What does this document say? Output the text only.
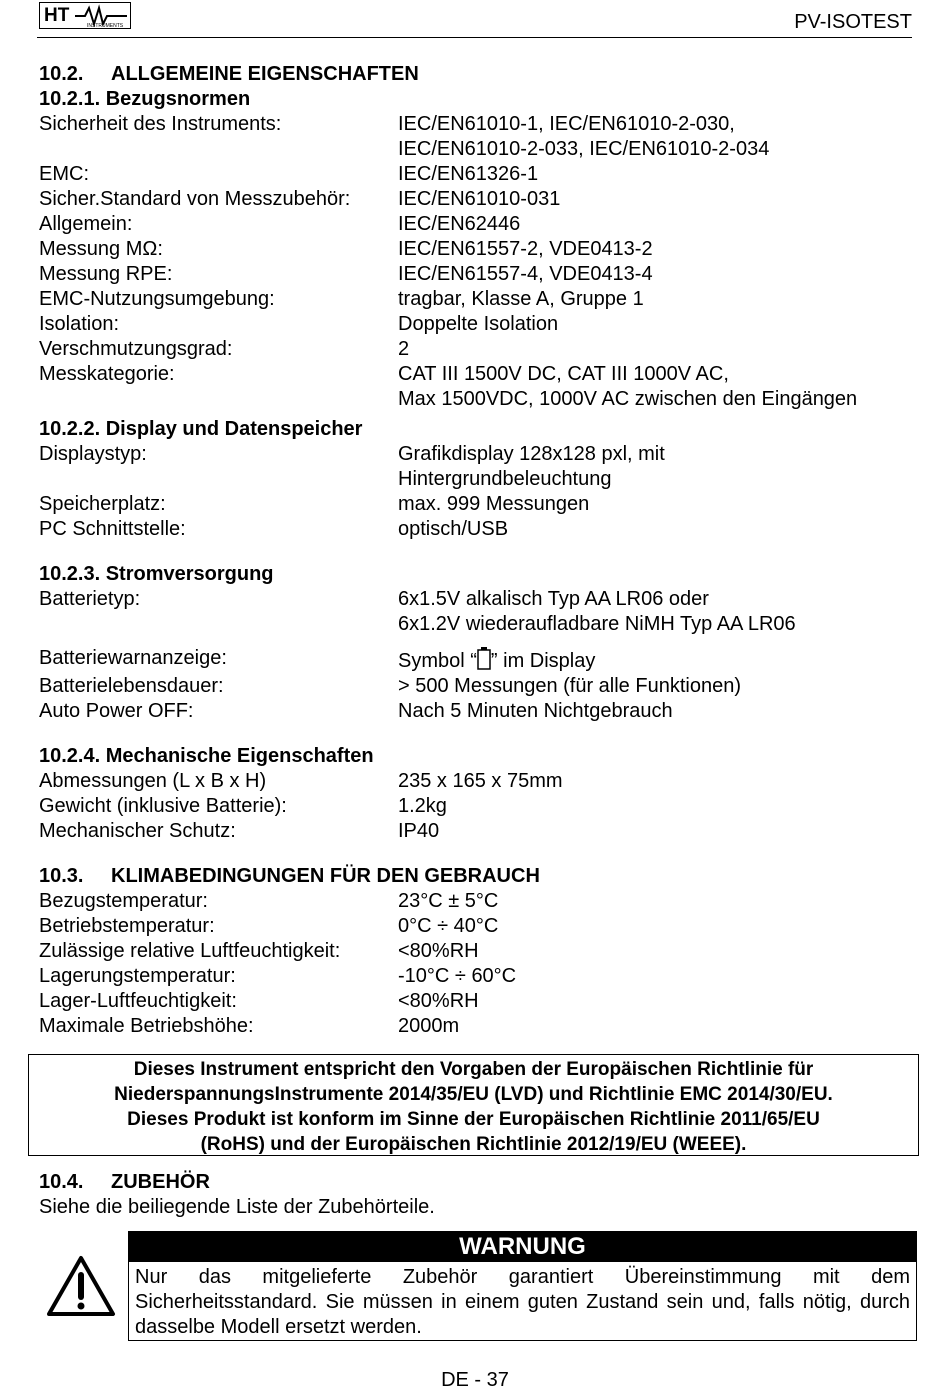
HT	INSTRUMENTS	PV-ISOTEST
10.2.	ALLGEMEINE EIGENSCHAFTEN
10.2.1. Bezugsnormen
Sicherheit des Instruments:	IEC/EN61010-1, IEC/EN61010-2-030,
IEC/EN61010-2-033, IEC/EN61010-2-034
EMC:	IEC/EN61326-1
Sicher.Standard von Messzubehör:	IEC/EN61010-031
Allgemein:	IEC/EN62446
Messung MΩ:	IEC/EN61557-2, VDE0413-2
Messung RPE:	IEC/EN61557-4, VDE0413-4
EMC-Nutzungsumgebung:	tragbar, Klasse A, Gruppe 1
Isolation:	Doppelte Isolation
Verschmutzungsgrad:	2
Messkategorie:	CAT III 1500V DC, CAT III 1000V AC,
Max 1500VDC, 1000V AC zwischen den Eingängen
10.2.2. Display und Datenspeicher
Displaystyp:	Grafikdisplay 128x128 pxl, mit
Hintergrundbeleuchtung
Speicherplatz:	max. 999 Messungen
PC Schnittstelle:	optisch/USB
10.2.3. Stromversorgung
Batterietyp:	6x1.5V alkalisch Typ AA LR06 oder
6x1.2V wiederaufladbare NiMH Typ AA LR06
Batteriewarnanzeige:	Symbol “ ” im Display
Batterielebensdauer:	> 500 Messungen (für alle Funktionen)
Auto Power OFF:	Nach 5 Minuten Nichtgebrauch
10.2.4. Mechanische Eigenschaften
Abmessungen (L x B x H)	235 x 165 x 75mm
Gewicht (inklusive Batterie):	1.2kg
Mechanischer Schutz:	IP40
10.3.	KLIMABEDINGUNGEN FÜR DEN GEBRAUCH
Bezugstemperatur:	23°C ± 5°C
Betriebstemperatur:	0°C ÷ 40°C
Zulässige relative Luftfeuchtigkeit:	<80%RH
Lagerungstemperatur:	-10°C ÷ 60°C
Lager-Luftfeuchtigkeit:	<80%RH
Maximale Betriebshöhe:	2000m
Dieses Instrument entspricht den Vorgaben der Europäischen Richtlinie für
NiederspannungsInstrumente 2014/35/EU (LVD) und Richtlinie EMC 2014/30/EU.
Dieses Produkt ist konform im Sinne der Europäischen Richtlinie 2011/65/EU
(RoHS) und der Europäischen Richtlinie 2012/19/EU (WEEE).
10.4.	ZUBEHÖR
Siehe die beiliegende Liste der Zubehörteile.
WARNUNG
Nur das mitgelieferte Zubehör garantiert Übereinstimmung mit dem Sicherheitsstandard. Sie müssen in einem guten Zustand sein und, falls nötig, durch dasselbe Modell ersetzt werden.
DE - 37
